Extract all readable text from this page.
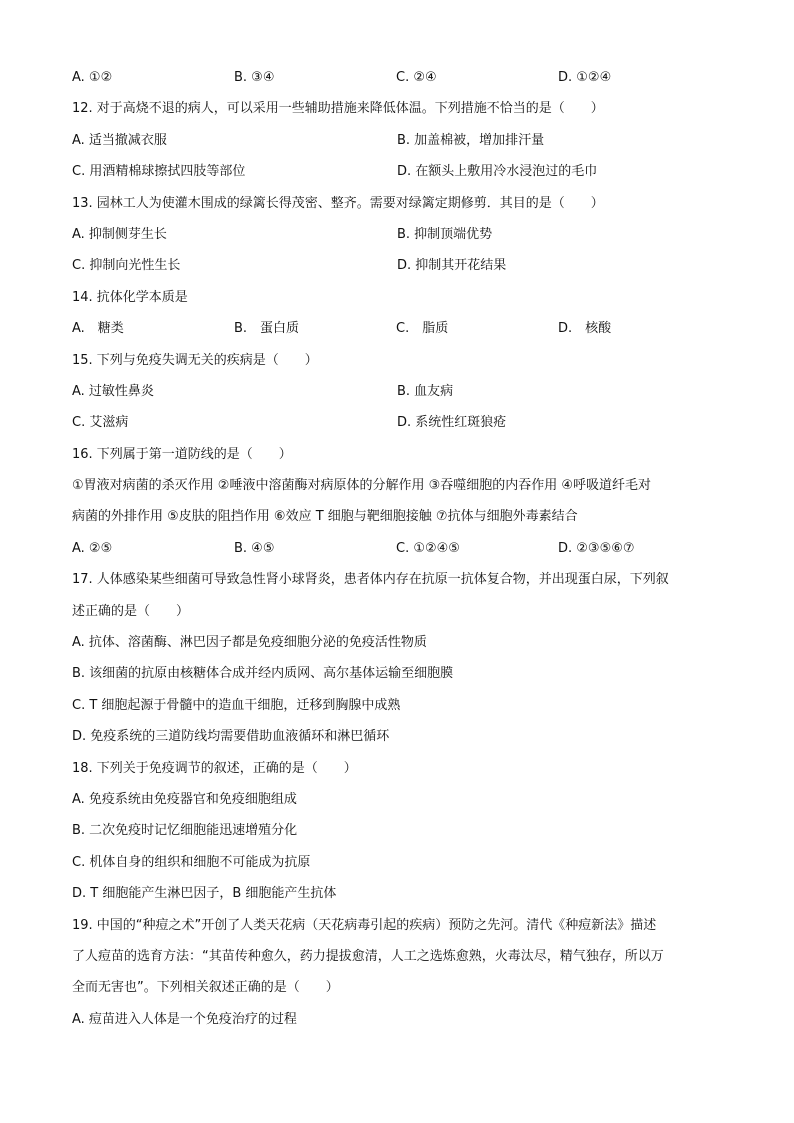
A. ①②	B. ③④	C. ②④	D. ①②④
12. 对于高烧不退的病人，可以采用一些辅助措施来降低体温。下列措施不恰当的是（　　）
A. 适当撤减衣服	B. 加盖棉被，增加排汗量
C. 用酒精棉球擦拭四肢等部位	D. 在额头上敷用冷水浸泡过的毛巾
13. 园林工人为使灌木围成的绿篱长得茂密、整齐。需要对绿篱定期修剪．其目的是（　　）
A. 抑制侧芽生长	B. 抑制顶端优势
C. 抑制向光性生长	D. 抑制其开花结果
14. 抗体化学本质是
A.　糖类	B.　蛋白质	C.　脂质	D.　核酸
15. 下列与免疫失调无关的疾病是（　　）
A. 过敏性鼻炎	B. 血友病
C. 艾滋病	D. 系统性红斑狼疮
16. 下列属于第一道防线的是（　　）
①胃液对病菌的杀灭作用 ②唾液中溶菌酶对病原体的分解作用 ③吞噬细胞的内吞作用 ④呼吸道纤毛对
病菌的外排作用 ⑤皮肤的阻挡作用 ⑥效应 T 细胞与靶细胞接触 ⑦抗体与细胞外毒素结合
A. ②⑤	B. ④⑤	C. ①②④⑤	D. ②③⑤⑥⑦
17. 人体感染某些细菌可导致急性肾小球肾炎，患者体内存在抗原一抗体复合物，并出现蛋白尿，下列叙
述正确的是（　　）
A. 抗体、溶菌酶、淋巴因子都是免疫细胞分泌的免疫活性物质
B. 该细菌的抗原由核糖体合成并经内质网、高尔基体运输至细胞膜
C. T 细胞起源于骨髓中的造血干细胞，迁移到胸腺中成熟
D. 免疫系统的三道防线均需要借助血液循环和淋巴循环
18. 下列关于免疫调节的叙述，正确的是（　　）
A. 免疫系统由免疫器官和免疫细胞组成
B. 二次免疫时记忆细胞能迅速增殖分化
C. 机体自身的组织和细胞不可能成为抗原
D. T 细胞能产生淋巴因子，B 细胞能产生抗体
19. 中国的“种痘之术”开创了人类天花病（天花病毒引起的疾病）预防之先河。清代《种痘新法》描述
了人痘苗的选育方法：“其苗传种愈久，药力提拔愈清，人工之选炼愈熟，火毒汰尽，精气独存，所以万
全而无害也”。下列相关叙述正确的是（　　）
A. 痘苗进入人体是一个免疫治疗的过程
